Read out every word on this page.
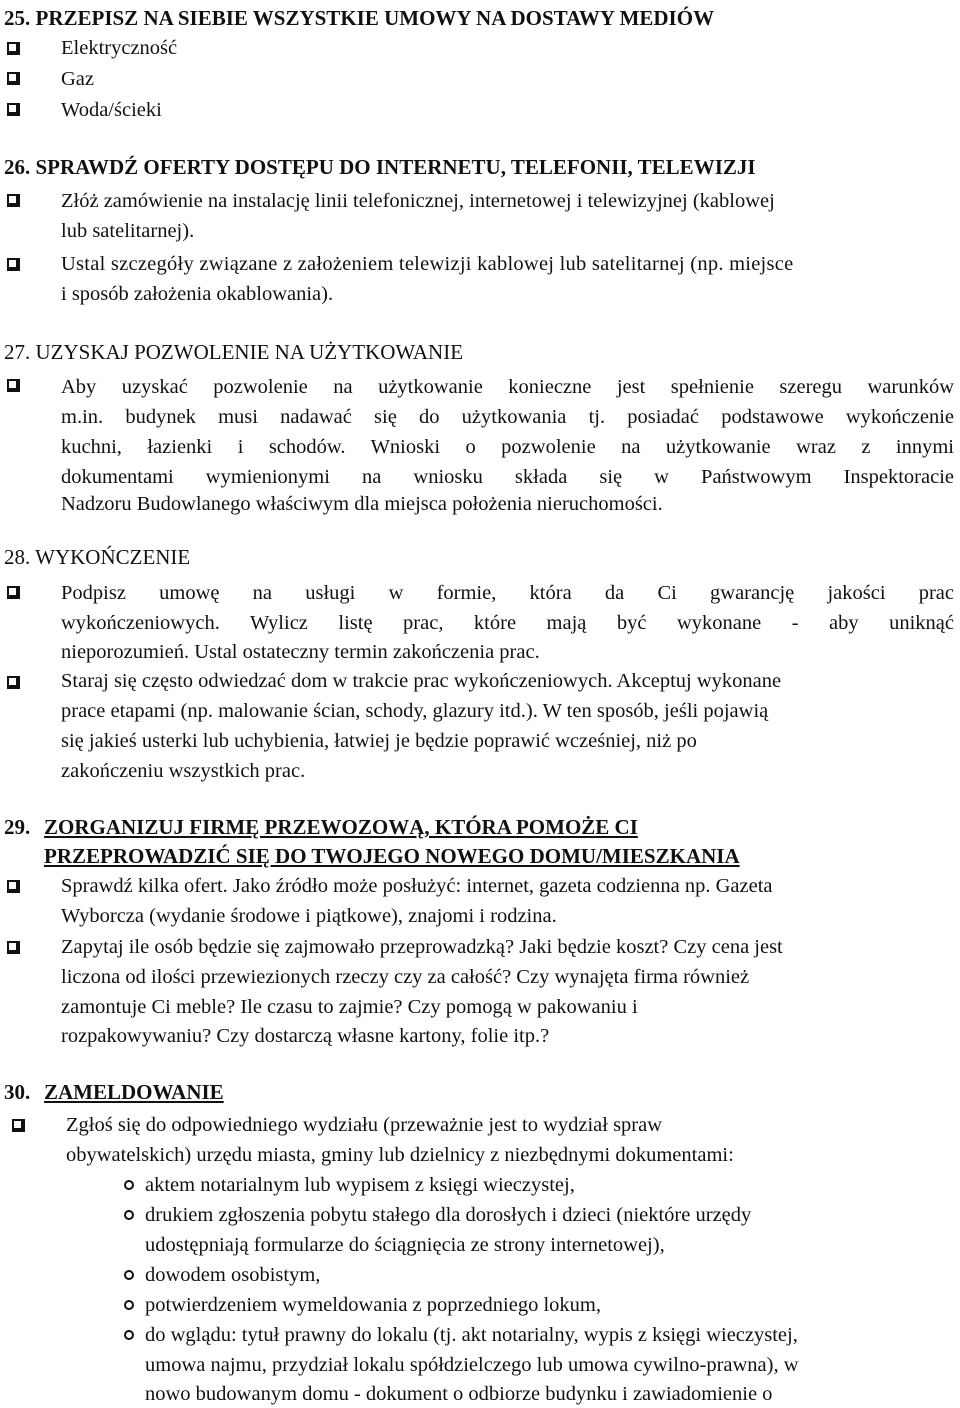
25. PRZEPISZ NA SIEBIE WSZYSTKIE UMOWY NA DOSTAWY MEDIÓW
Elektryczność
Gaz
Woda/ścieki
26. SPRAWDŹ OFERTY DOSTĘPU DO INTERNETU, TELEFONII, TELEWIZJI
Złóż zamówienie na instalację linii telefonicznej, internetowej i telewizyjnej (kablowej
lub satelitarnej).
Ustal szczegóły związane z założeniem telewizji kablowej lub satelitarnej (np. miejsce
i sposób założenia okablowania).
27. UZYSKAJ POZWOLENIE NA UŻYTKOWANIE
Aby uzyskać pozwolenie na użytkowanie konieczne jest spełnienie szeregu warunków
m.in. budynek musi nadawać się do użytkowania tj. posiadać podstawowe wykończenie
kuchni, łazienki i schodów. Wnioski o pozwolenie na użytkowanie wraz z innymi
dokumentami wymienionymi na wniosku składa się w Państwowym Inspektoracie
Nadzoru Budowlanego właściwym dla miejsca położenia nieruchomości.
28. WYKOŃCZENIE
Podpisz umowę na usługi w formie, która da Ci gwarancję jakości prac
wykończeniowych. Wylicz listę prac, które mają być wykonane - aby uniknąć
nieporozumień. Ustal ostateczny termin zakończenia prac.
Staraj się często odwiedzać dom w trakcie prac wykończeniowych. Akceptuj wykonane
prace etapami (np. malowanie ścian, schody, glazury itd.). W ten sposób, jeśli pojawią
się jakieś usterki lub uchybienia, łatwiej je będzie poprawić wcześniej, niż po
zakończeniu wszystkich prac.
29. ZORGANIZUJ FIRMĘ PRZEWOZOWĄ, KTÓRA POMOŻE CI
PRZEPROWADZIĆ SIĘ DO TWOJEGO NOWEGO DOMU/MIESZKANIA
Sprawdź kilka ofert. Jako źródło może posłużyć: internet, gazeta codzienna np. Gazeta
Wyborcza (wydanie środowe i piątkowe), znajomi i rodzina.
Zapytaj ile osób będzie się zajmowało przeprowadzką? Jaki będzie koszt? Czy cena jest
liczona od ilości przewiezionych rzeczy czy za całość? Czy wynajęta firma również
zamontuje Ci meble? Ile czasu to zajmie? Czy pomogą w pakowaniu i
rozpakowywaniu? Czy dostarczą własne kartony, folie itp.?
30. ZAMELDOWANIE
Zgłoś się do odpowiedniego wydziału (przeważnie jest to wydział spraw
obywatelskich) urzędu miasta, gminy lub dzielnicy z niezbędnymi dokumentami:
aktem notarialnym lub wypisem z księgi wieczystej,
drukiem zgłoszenia pobytu stałego dla dorosłych i dzieci (niektóre urzędy
udostępniają formularze do ściągnięcia ze strony internetowej),
dowodem osobistym,
potwierdzeniem wymeldowania z poprzedniego lokum,
do wglądu: tytuł prawny do lokalu (tj. akt notarialny, wypis z księgi wieczystej,
umowa najmu, przydział lokalu spółdzielczego lub umowa cywilno-prawna), w
nowo budowanym domu - dokument o odbiorze budynku i zawiadomienie o
